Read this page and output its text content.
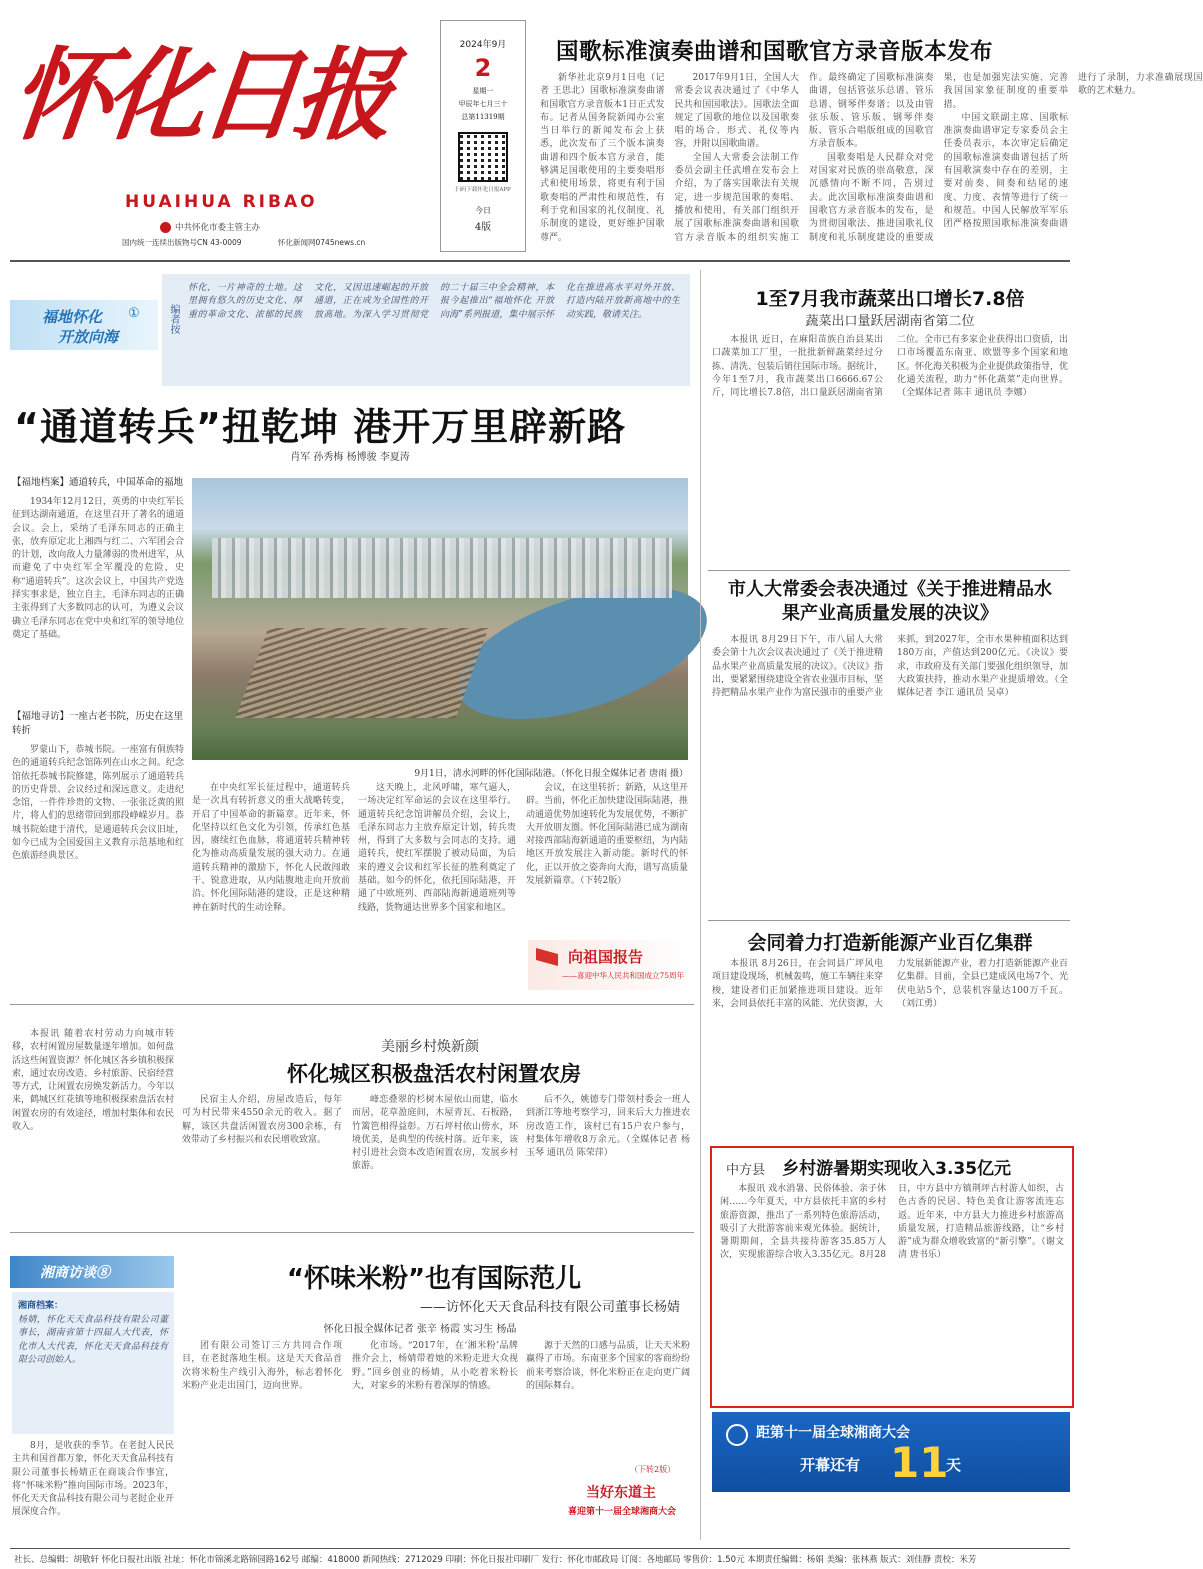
怀化日报
HUAIHUA RIBAO
中共怀化市委主管主办
国内统一连续出版物号CN 43-0009	怀化新闻网0745news.cn
2024年9月
2
星期一
甲辰年七月三十
总第11319期
扫码下载怀化日报APP
今日
4版
国歌标准演奏曲谱和国歌官方录音版本发布

新华社北京9月1日电（记者 王思北）国歌标准演奏曲谱和国歌官方录音版本1日正式发布。记者从国务院新闻办公室当日举行的新闻发布会上获悉，此次发布了三个版本演奏曲谱和四个版本官方录音，能够满足国歌使用的主要奏唱形式和使用场景，将更有利于国歌奏唱的严肃性和规范性，有利于党和国家的礼仪制度、礼乐制度的建设，更好维护国歌尊严。

2017年9月1日，全国人大常委会议表决通过了《中华人民共和国国歌法》。国歌法全面规定了国歌的地位以及国歌奏唱的场合、形式、礼仪等内容，并附以国歌曲谱。

全国人大常委会法制工作委员会副主任武增在发布会上介绍，为了落实国歌法有关规定，进一步规范国歌的奏唱、播放和使用，有关部门组织开展了国歌标准演奏曲谱和国歌官方录音版本的组织实施工作。最终确定了国歌标准演奏曲谱，包括管弦乐总谱、管乐总谱、钢琴伴奏谱；以及由管弦乐版、管乐版、钢琴伴奏版、管乐合唱版组成的国歌官方录音版本。

国歌奏唱是人民群众对党对国家对民族的崇高敬意，深沉感情向不断不同，告别过去。此次国歌标准演奏曲谱和国歌官方录音版本的发布，是为贯彻国歌法、推进国歌礼仪制度和礼乐制度建设的重要成果，也是加强宪法实施、完善我国国家象征制度的重要举措。

中国文联副主席、国歌标准演奏曲谱审定专家委员会主任委员表示，本次审定后确定的国歌标准演奏曲谱包括了所有国歌演奏中存在的差别，主要对前奏、间奏和结尾的速度、力度、表情等进行了统一和规范。中国人民解放军军乐团严格按照国歌标准演奏曲谱进行了录制，力求准确展现国歌的艺术魅力。

福地怀化 ①
开放向海
编者按
怀化，一片神奇的土地。这里拥有悠久的历史文化、厚重的革命文化、浓郁的民族文化，又因迅速崛起的开放通道，正在成为全国性的开放高地。为深入学习贯彻党的二十届三中全会精神，本报今起推出“福地怀化 开放向海”系列报道，集中展示怀化在推进高水平对外开放、打造内陆开放新高地中的生动实践，敬请关注。
“通道转兵”扭乾坤 港开万里辟新路
肖军 孙秀梅 杨博骏 李夏涛
【福地档案】通道转兵，中国革命的福地
1934年12月12日，英勇的中央红军长征到达湖南通道，在这里召开了著名的通道会议。会上，采纳了毛泽东同志的正确主张，放弃原定北上湘西与红二、六军团会合的计划，改向敌人力量薄弱的贵州进军，从而避免了中央红军全军覆没的危险，史称“通道转兵”。这次会议上，中国共产党选择实事求是，独立自主，毛泽东同志的正确主张得到了大多数同志的认可，为遵义会议确立毛泽东同志在党中央和红军的领导地位奠定了基础。
【福地寻访】一座古老书院，历史在这里转折
罗蒙山下，恭城书院。一座富有侗族特色的通道转兵纪念馆陈列在山水之间。纪念馆依托恭城书院修建，陈列展示了通道转兵的历史背景、会议经过和深远意义。走进纪念馆，一件件珍贵的文物、一张张泛黄的照片，将人们的思绪带回到那段峥嵘岁月。恭城书院始建于清代，是通道转兵会议旧址，如今已成为全国爱国主义教育示范基地和红色旅游经典景区。
9月1日，清水河畔的怀化国际陆港。（怀化日报全媒体记者 唐雨 摄）
在中央红军长征过程中，通道转兵是一次具有转折意义的重大战略转变，开启了中国革命的新篇章。近年来，怀化坚持以红色文化为引领，传承红色基因，赓续红色血脉，将通道转兵精神转化为推动高质量发展的强大动力。在通道转兵精神的激励下，怀化人民敢闯敢干、锐意进取，从内陆腹地走向开放前沿。怀化国际陆港的建设，正是这种精神在新时代的生动诠释。
这天晚上，北风呼啸，寒气逼人，一场决定红军命运的会议在这里举行。通道转兵纪念馆讲解员介绍，会议上，毛泽东同志力主放弃原定计划，转兵贵州，得到了大多数与会同志的支持。通道转兵，使红军摆脱了被动局面，为后来的遵义会议和红军长征的胜利奠定了基础。如今的怀化，依托国际陆港，开通了中欧班列、西部陆海新通道班列等线路，货物通达世界多个国家和地区。
会议，在这里转折；新路，从这里开辟。当前，怀化正加快建设国际陆港，推动通道优势加速转化为发展优势，不断扩大开放朋友圈。怀化国际陆港已成为湖南对接西部陆海新通道的重要枢纽，为内陆地区开放发展注入新动能。新时代的怀化，正以开放之姿奔向大海，谱写高质量发展新篇章。（下转2版）
向祖国报告
——喜迎中华人民共和国成立75周年
本报讯 随着农村劳动力向城市转移，农村闲置房屋数量逐年增加。如何盘活这些闲置资源？怀化城区各乡镇积极探索，通过农房改造、乡村旅游、民宿经营等方式，让闲置农房焕发新活力。今年以来，鹤城区红花镇等地积极探索盘活农村闲置农房的有效途径，增加村集体和农民收入。
美丽乡村焕新颜
怀化城区积极盘活农村闲置农房
民宿主人介绍，房屋改造后，每年可为村民带来4550余元的收入。据了解，该区共盘活闲置农房300余栋，有效带动了乡村振兴和农民增收致富。
峰恋叠翠的杉树木屋依山而建，临水而居，花草盈庭间，木屋青瓦、石板路，竹篱笆相得益彰。万石坪村依山傍水，环境优美，是典型的传统村落。近年来，该村引进社会资本改造闲置农房，发展乡村旅游。
后不久，姚德专门带领村委会一班人到浙江等地考察学习，回来后大力推进农房改造工作，该村已有15户农户参与，村集体年增收8万余元。（全媒体记者 杨玉琴 通讯员 陈荣萍）
湘商访谈⑧
湘商档案：
杨婧，怀化天天食品科技有限公司董事长，湖南省第十四届人大代表，怀化市人大代表，怀化天天食品科技有限公司创始人。
8月，是收获的季节。在老挝人民民主共和国首都万象，怀化天天食品科技有限公司董事长杨婧正在商谈合作事宜，将“怀味米粉”推向国际市场。2023年，怀化天天食品科技有限公司与老挝企业开展深度合作。
“怀味米粉”也有国际范儿
——访怀化天天食品科技有限公司董事长杨婧
怀化日报全媒体记者 张辛 杨霞 实习生 杨晶
团有限公司签订三方共同合作项目，在老挝落地生根。这是天天食品首次将米粉生产线引入海外，标志着怀化米粉产业走出国门，迈向世界。
化市场。“2017年，在‘湘米粉’品牌推介会上，杨婧带着她的米粉走进大众视野。”回乡创业的杨婧，从小吃着米粉长大，对家乡的米粉有着深厚的情感。
源于天然的口感与品质，让天天米粉赢得了市场。东南亚多个国家的客商纷纷前来考察洽谈，怀化米粉正在走向更广阔的国际舞台。
（下转2版）
当好东道主
喜迎第十一届全球湘商大会
1至7月我市蔬菜出口增长7.8倍
蔬菜出口量跃居湖南省第二位
本报讯 近日，在麻阳苗族自治县某出口蔬菜加工厂里，一批批新鲜蔬菜经过分拣、清洗、包装后销往国际市场。据统计，今年1至7月，我市蔬菜出口6666.67公斤，同比增长7.8倍，出口量跃居湖南省第二位。全市已有多家企业获得出口资质，出口市场覆盖东南亚、欧盟等多个国家和地区。怀化海关积极为企业提供政策指导，优化通关流程，助力“怀化蔬菜”走向世界。（全媒体记者 陈丰 通讯员 李娜）
市人大常委会表决通过《关于推进精品水果产业高质量发展的决议》
本报讯 8月29日下午，市八届人大常委会第十九次会议表决通过了《关于推进精品水果产业高质量发展的决议》。《决议》指出，要紧紧围绕建设全省农业强市目标，坚持把精品水果产业作为富民强市的重要产业来抓，到2027年，全市水果种植面积达到180万亩，产值达到200亿元。《决议》要求，市政府及有关部门要强化组织领导，加大政策扶持，推动水果产业提质增效。（全媒体记者 李江 通讯员 吴卓）
会同着力打造新能源产业百亿集群
本报讯 8月26日，在会同县广坪风电项目建设现场，机械轰鸣，施工车辆往来穿梭，建设者们正加紧推进项目建设。近年来，会同县依托丰富的风能、光伏资源，大力发展新能源产业，着力打造新能源产业百亿集群。目前，全县已建成风电场7个、光伏电站5个，总装机容量达100万千瓦。（刘江勇）
中方县 乡村游暑期实现收入3.35亿元
本报讯 戏水消暑、民俗体验、亲子休闲……今年夏天，中方县依托丰富的乡村旅游资源，推出了一系列特色旅游活动，吸引了大批游客前来观光体验。据统计，暑期期间，全县共接待游客35.85万人次，实现旅游综合收入3.35亿元。8月28日，中方县中方镇荆坪古村游人如织，古色古香的民居、特色美食让游客流连忘返。近年来，中方县大力推进乡村旅游高质量发展，打造精品旅游线路，让“乡村游”成为群众增收致富的“新引擎”。（谢文清 唐书乐）
距第十一届全球湘商大会
开幕还有 11
天
社长、总编辑：胡敬轩 怀化日报社出版 社址：怀化市锦溪北路锦园路162号 邮编：418000 新闻热线：2712029 印刷：怀化日报社印刷厂 发行：怀化市邮政局 订阅：各地邮局 零售价：1.50元 本期责任编辑：杨娟 美编：张林燕 版式：刘佳静 责校：米芳
